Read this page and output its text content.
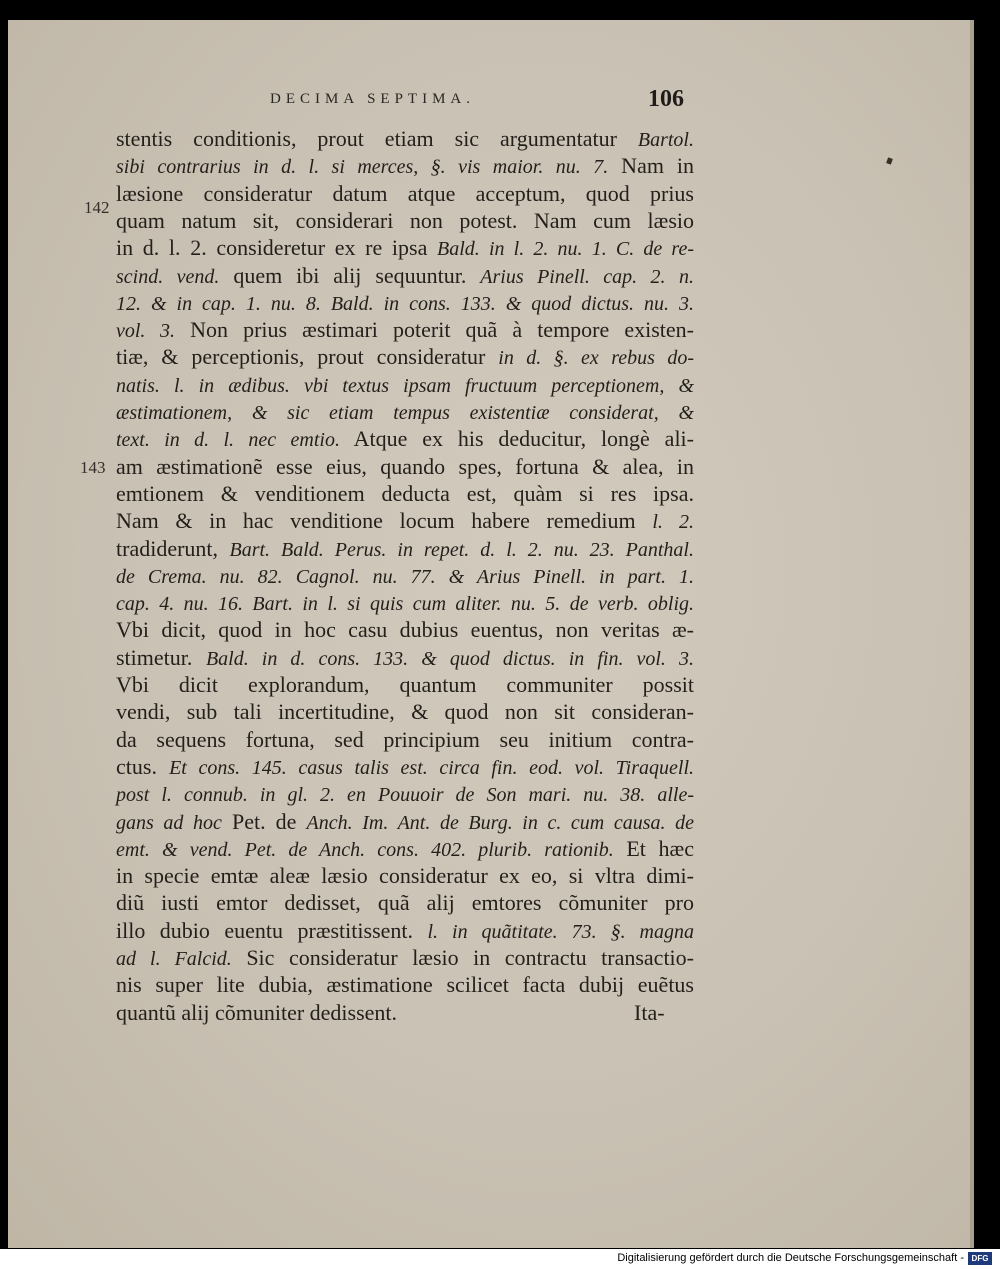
DECIMA SEPTIMA.	106
142
143
stentis conditionis, prout etiam sic argumentatur Bartol.
sibi contrarius in d. l. si merces, §. vis maior. nu. 7. Nam in
læsione consideratur datum atque acceptum, quod prius
quam natum sit, considerari non potest. Nam cum læsio
in d. l. 2. consideretur ex re ipsa Bald. in l. 2. nu. 1. C. de re-
scind. vend. quem ibi alij sequuntur. Arius Pinell. cap. 2. n.
12. & in cap. 1. nu. 8. Bald. in cons. 133. & quod dictus. nu. 3.
vol. 3. Non prius æstimari poterit quã à tempore existen-
tiæ, & perceptionis, prout consideratur in d. §. ex rebus do-
natis. l. in ædibus. vbi textus ipsam fructuum perceptionem, &
æstimationem, & sic etiam tempus existentiæ considerat, &
text. in d. l. nec emtio. Atque ex his deducitur, longè ali-
am æstimationẽ esse eius, quando spes, fortuna & alea, in
emtionem & venditionem deducta est, quàm si res ipsa.
Nam & in hac venditione locum habere remedium l. 2.
tradiderunt, Bart. Bald. Perus. in repet. d. l. 2. nu. 23. Panthal.
de Crema. nu. 82. Cagnol. nu. 77. & Arius Pinell. in part. 1.
cap. 4. nu. 16. Bart. in l. si quis cum aliter. nu. 5. de verb. oblig.
Vbi dicit, quod in hoc casu dubius euentus, non veritas æ-
stimetur. Bald. in d. cons. 133. & quod dictus. in fin. vol. 3.
Vbi dicit explorandum, quantum communiter possit
vendi, sub tali incertitudine, & quod non sit consideran-
da sequens fortuna, sed principium seu initium contra-
ctus. Et cons. 145. casus talis est. circa fin. eod. vol. Tiraquell.
post l. connub. in gl. 2. en Pouuoir de Son mari. nu. 38. alle-
gans ad hoc Pet. de Anch. Im. Ant. de Burg. in c. cum causa. de
emt. & vend. Pet. de Anch. cons. 402. plurib. rationib. Et hæc
in specie emtæ aleæ læsio consideratur ex eo, si vltra dimi-
diũ iusti emtor dedisset, quã alij emtores cõmuniter pro
illo dubio euentu præstitissent. l. in quãtitate. 73. §. magna
ad l. Falcid. Sic consideratur læsio in contractu transactio-
nis super lite dubia, æstimatione scilicet facta dubij euẽtus
quantũ alij cõmuniter dedissent.	Ita-
Digitalisierung gefördert durch die Deutsche Forschungsgemeinschaft - DFG
